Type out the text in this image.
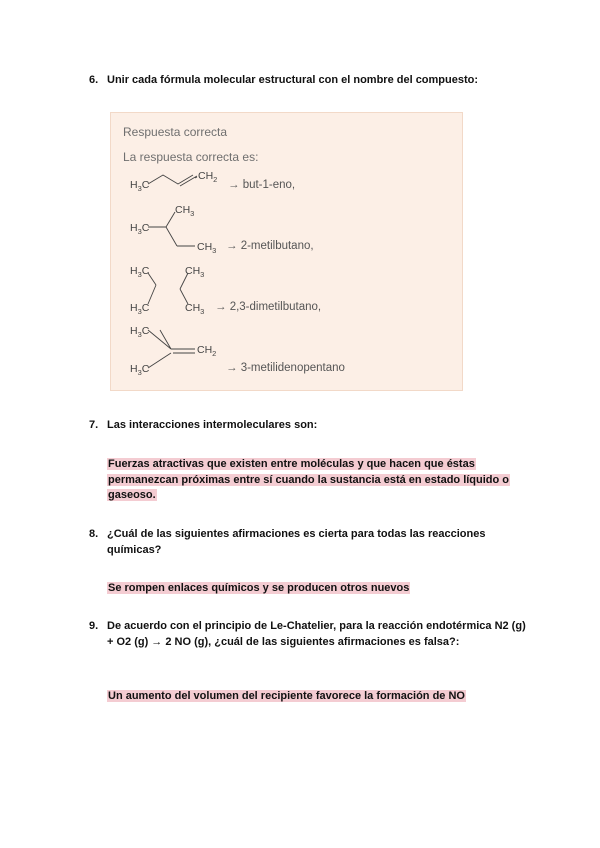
6. Unir cada fórmula molecular estructural con el nombre del compuesto:
Respuesta correcta
La respuesta correcta es:
$H_3C$
$CH_2$
$CH_3$
$H_3C$
$CH_3$
$H_3C$	$CH_3$
$H_3C$	$CH_3$
$H_3C$
$CH_2$
$H_3C$
→ but-1-eno,
→ 2-metilbutano,
→ 2,3-dimetilbutano,
→ 3-metilidenopentano
7. Las interacciones intermoleculares son:
Fuerzas atractivas que existen entre moléculas y que hacen que éstas permanezcan próximas entre sí cuando la sustancia está en estado líquido o gaseoso.
8. ¿Cuál de las siguientes afirmaciones es cierta para todas las reacciones químicas?
Se rompen enlaces químicos y se producen otros nuevos
9. De acuerdo con el principio de Le-Chatelier, para la reacción endotérmica N2 (g) + O2 (g) → 2 NO (g), ¿cuál de las siguientes afirmaciones es falsa?:
Un aumento del volumen del recipiente favorece la formación de NO
